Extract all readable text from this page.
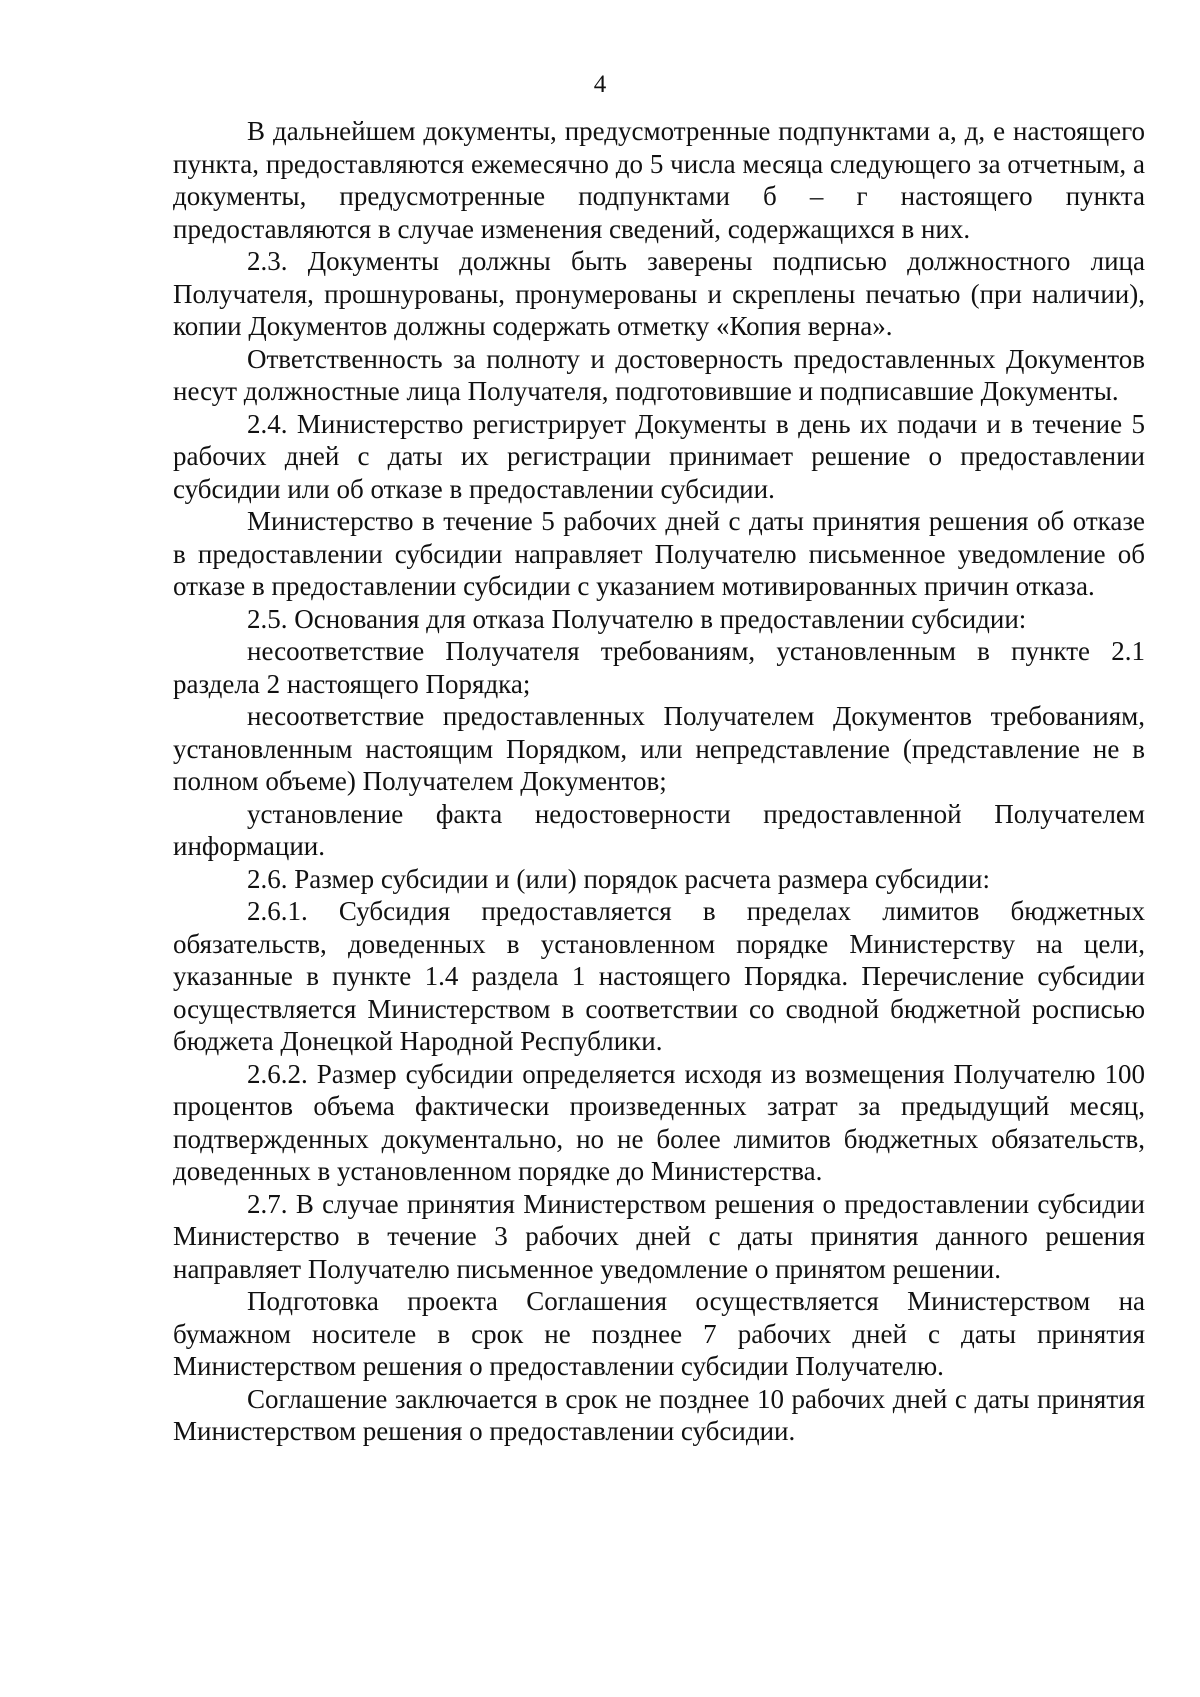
4

В дальнейшем документы, предусмотренные подпунктами а, д, е настоящего пункта, предоставляются ежемесячно до 5 числа месяца следующего за отчетным, а документы, предусмотренные подпунктами б – г настоящего пункта предоставляются в случае изменения сведений, содержащихся в них.

2.3. Документы должны быть заверены подписью должностного лица Получателя, прошнурованы, пронумерованы и скреплены печатью (при наличии), копии Документов должны содержать отметку «Копия верна».

Ответственность за полноту и достоверность предоставленных Документов несут должностные лица Получателя, подготовившие и подписавшие Документы.

2.4. Министерство регистрирует Документы в день их подачи и в течение 5 рабочих дней с даты их регистрации принимает решение о предоставлении субсидии или об отказе в предоставлении субсидии.

Министерство в течение 5 рабочих дней с даты принятия решения об отказе в предоставлении субсидии направляет Получателю письменное уведомление об отказе в предоставлении субсидии с указанием мотивированных причин отказа.

2.5. Основания для отказа Получателю в предоставлении субсидии:

несоответствие Получателя требованиям, установленным в пункте 2.1 раздела 2 настоящего Порядка;

несоответствие предоставленных Получателем Документов требованиям, установленным настоящим Порядком, или непредставление (представление не в полном объеме) Получателем Документов;

установление факта недостоверности предоставленной Получателем информации.

2.6. Размер субсидии и (или) порядок расчета размера субсидии:

2.6.1. Субсидия предоставляется в пределах лимитов бюджетных обязательств, доведенных в установленном порядке Министерству на цели, указанные в пункте 1.4 раздела 1 настоящего Порядка. Перечисление субсидии осуществляется Министерством в соответствии со сводной бюджетной росписью бюджета Донецкой Народной Республики.

2.6.2. Размер субсидии определяется исходя из возмещения Получателю 100 процентов объема фактически произведенных затрат за предыдущий месяц, подтвержденных документально, но не более лимитов бюджетных обязательств, доведенных в установленном порядке до Министерства.

2.7. В случае принятия Министерством решения о предоставлении субсидии Министерство в течение 3 рабочих дней с даты принятия данного решения направляет Получателю письменное уведомление о принятом решении.

Подготовка проекта Соглашения осуществляется Министерством на бумажном носителе в срок не позднее 7 рабочих дней с даты принятия Министерством решения о предоставлении субсидии Получателю.

Соглашение заключается в срок не позднее 10 рабочих дней с даты принятия Министерством решения о предоставлении субсидии.
